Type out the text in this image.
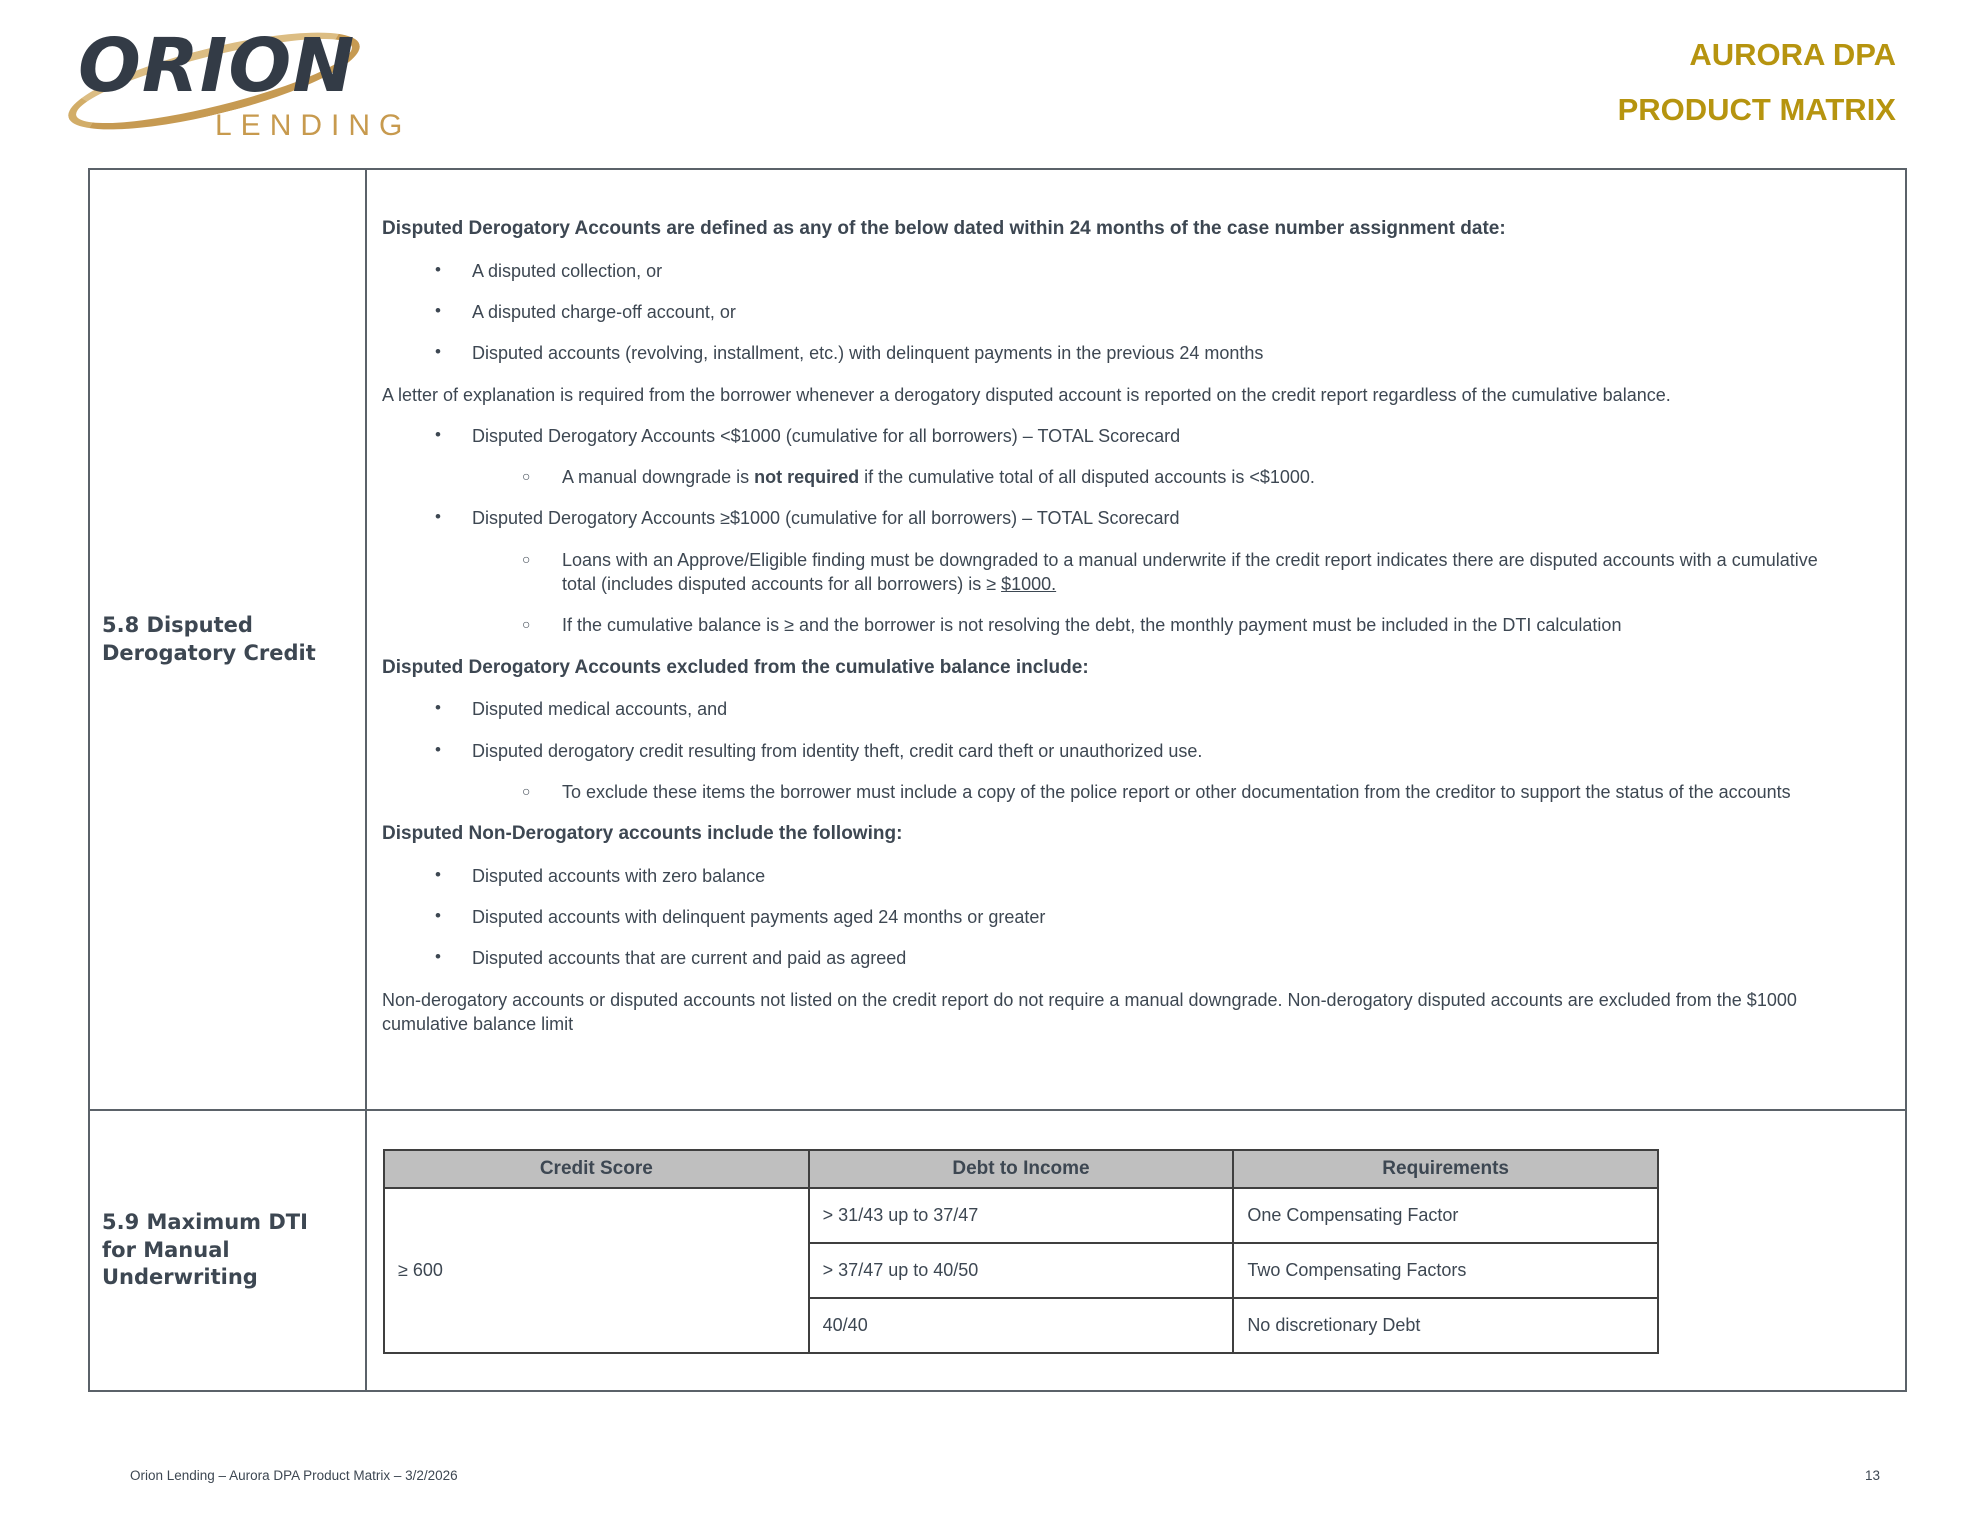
ORION
LENDING
AURORA DPA
PRODUCT MATRIX
5.8 Disputed Derogatory Credit
Disputed Derogatory Accounts are defined as any of the below dated within 24 months of the case number assignment date:
•	A disputed collection, or
•	A disputed charge-off account, or
•	Disputed accounts (revolving, installment, etc.) with delinquent payments in the previous 24 months
A letter of explanation is required from the borrower whenever a derogatory disputed account is reported on the credit report regardless of the cumulative balance.
•	Disputed Derogatory Accounts <$1000 (cumulative for all borrowers) – TOTAL Scorecard
○	A manual downgrade is not required if the cumulative total of all disputed accounts is <$1000.
•	Disputed Derogatory Accounts ≥$1000 (cumulative for all borrowers) – TOTAL Scorecard
○	Loans with an Approve/Eligible finding must be downgraded to a manual underwrite if the credit report indicates there are disputed accounts with a cumulative total (includes disputed accounts for all borrowers) is ≥ $1000.
○	If the cumulative balance is ≥ and the borrower is not resolving the debt, the monthly payment must be included in the DTI calculation
Disputed Derogatory Accounts excluded from the cumulative balance include:
•	Disputed medical accounts, and
•	Disputed derogatory credit resulting from identity theft, credit card theft or unauthorized use.
○	To exclude these items the borrower must include a copy of the police report or other documentation from the creditor to support the status of the accounts
Disputed Non-Derogatory accounts include the following:
•	Disputed accounts with zero balance
•	Disputed accounts with delinquent payments aged 24 months or greater
•	Disputed accounts that are current and paid as agreed
Non-derogatory accounts or disputed accounts not listed on the credit report do not require a manual downgrade. Non-derogatory disputed accounts are excluded from the $1000 cumulative balance limit
5.9 Maximum DTI for Manual Underwriting
Credit Score	Debt to Income	Requirements
≥ 600	> 31/43 up to 37/47	One Compensating Factor
	> 37/47 up to 40/50	Two Compensating Factors
	40/40	No discretionary Debt
Orion Lending – Aurora DPA Product Matrix – 3/2/2026	13
